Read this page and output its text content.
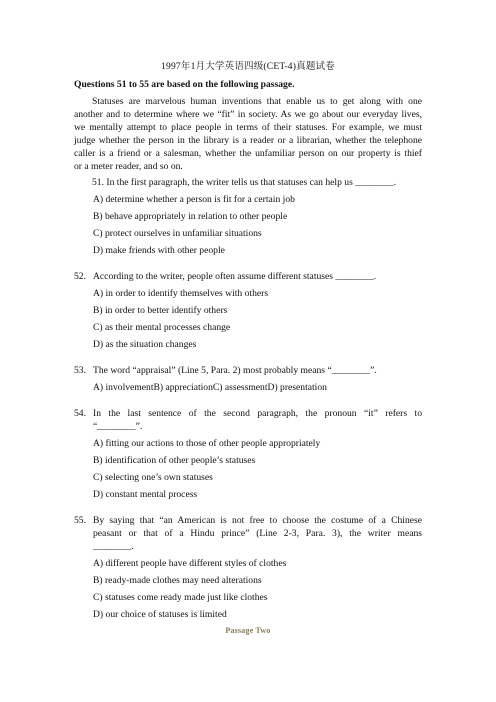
1997年1月大学英语四级(CET-4)真题试卷
Questions 51 to 55 are based on the following passage.
Statuses are marvelous human inventions that enable us to get along with one
another and to determine where we “fit” in society. As we go about our everyday lives,
we mentally attempt to place people in terms of their statuses. For example, we must
judge whether the person in the library is a reader or a librarian, whether the telephone
caller is a friend or a salesman, whether the unfamiliar person on our property is thief
or a meter reader, and so on.
51. In the first paragraph, the writer tells us that statuses can help us ________.
A) determine whether a person is fit for a certain job
B) behave appropriately in relation to other people
C) protect ourselves in unfamiliar situations
D) make friends with other people
52. According to the writer, people often assume different statuses ________.
A) in order to identify themselves with others
B) in order to better identify others
C) as their mental processes change
D) as the situation changes
53. The word “appraisal” (Line 5, Para. 2) most probably means “________”.
A) involvementB) appreciationC) assessmentD) presentation
54. In the last sentence of the second paragraph, the pronoun “it” refers to
“________”.
A) fitting our actions to those of other people appropriately
B) identification of other people’s statuses
C) selecting one’s own statuses
D) constant mental process
55. By saying that “an American is not free to choose the costume of a Chinese
peasant or that of a Hindu prince” (Line 2-3, Para. 3), the writer means
________.
A) different people have different styles of clothes
B) ready-made clothes may need alterations
C) statuses come ready made just like clothes
D) our choice of statuses is limited
Passage Two
